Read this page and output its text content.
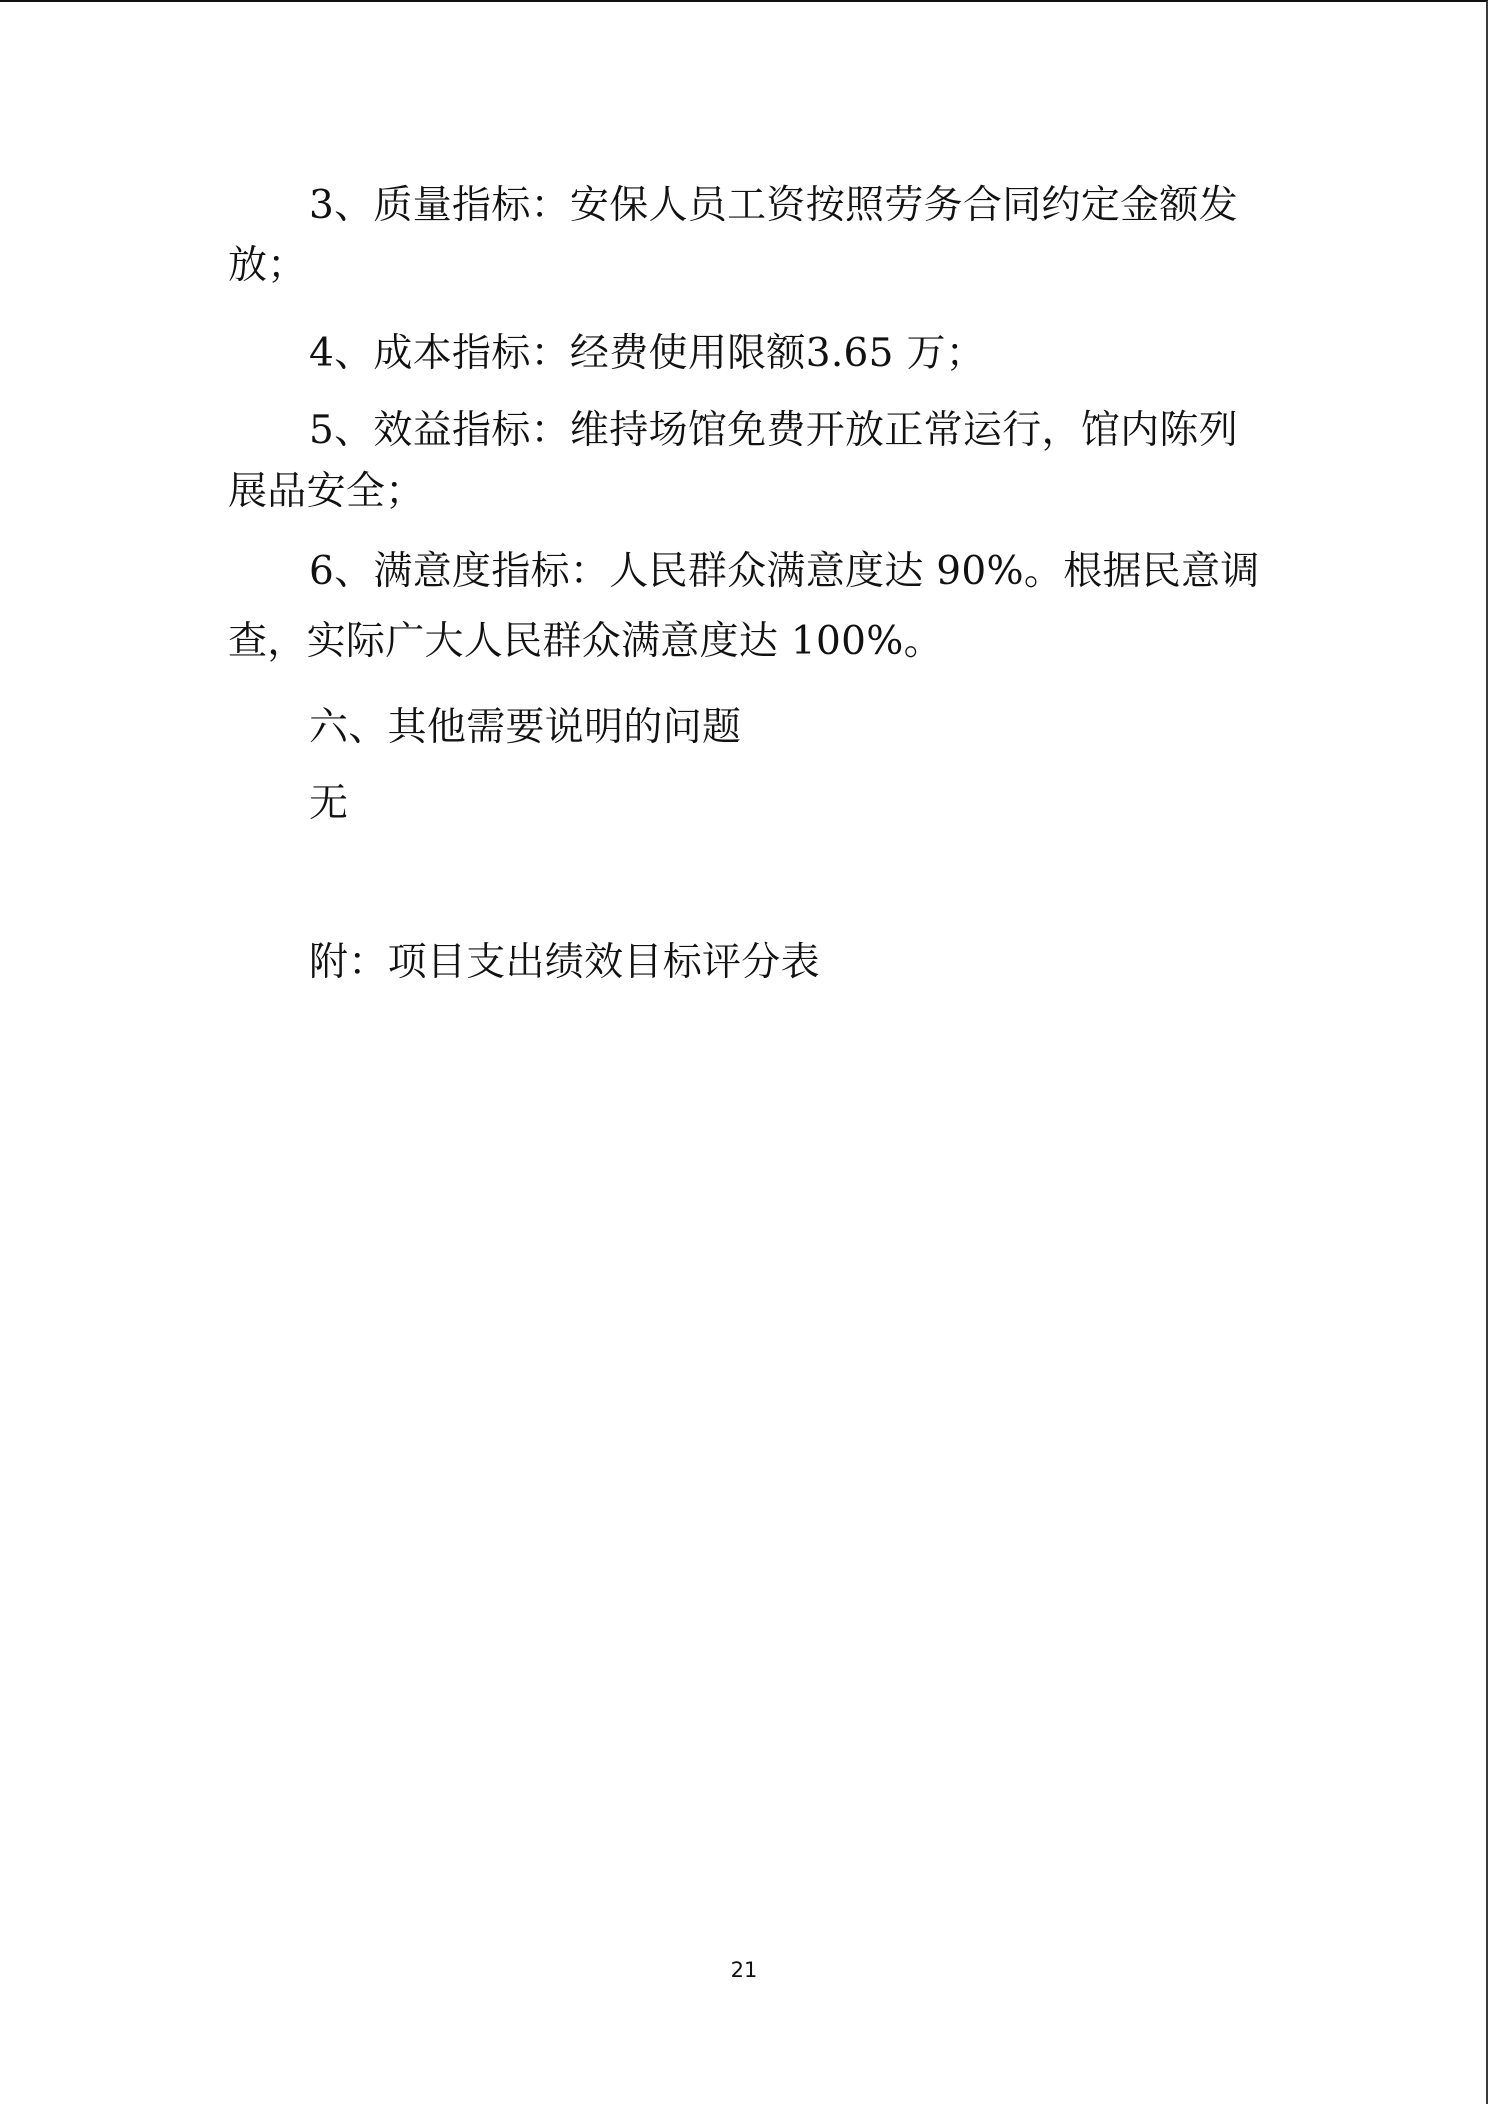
3、质量指标：安保人员工资按照劳务合同约定金额发
放；
4、成本指标：经费使用限额3.65 万；
5、效益指标：维持场馆免费开放正常运行，馆内陈列
展品安全；
6、满意度指标：人民群众满意度达 90%。根据民意调
查，实际广大人民群众满意度达 100%。
六、其他需要说明的问题
无
附：项目支出绩效目标评分表
21
